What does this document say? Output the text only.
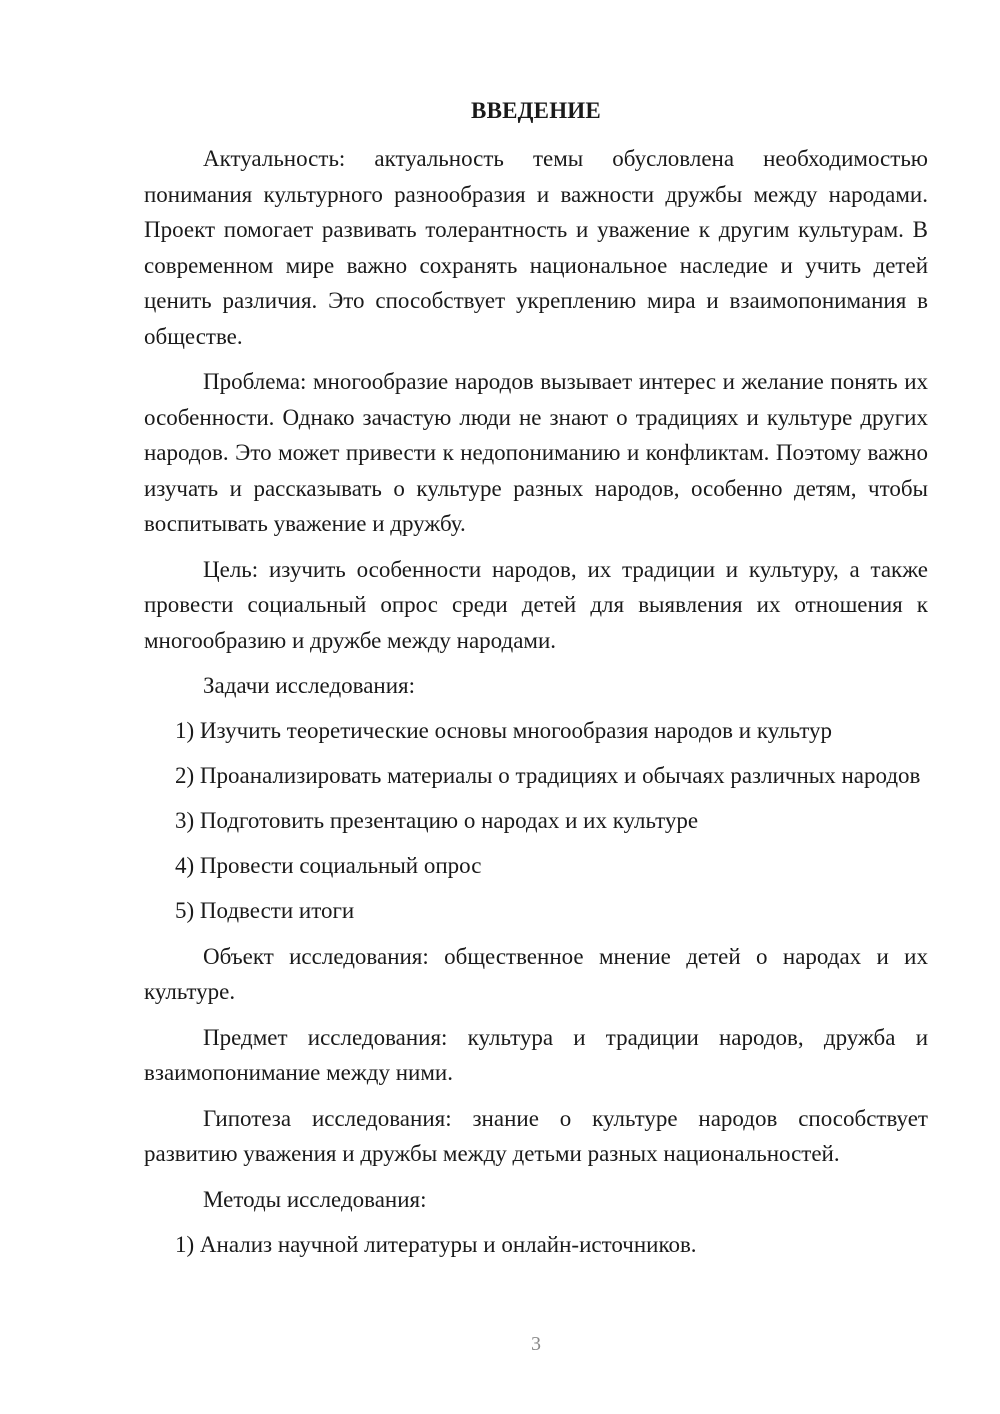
ВВЕДЕНИЕ

Актуальность: актуальность темы обусловлена необходимостью понимания культурного разнообразия и важности дружбы между народами. Проект помогает развивать толерантность и уважение к другим культурам. В современном мире важно сохранять национальное наследие и учить детей ценить различия. Это способствует укреплению мира и взаимопонимания в обществе.

Проблема: многообразие народов вызывает интерес и желание понять их особенности. Однако зачастую люди не знают о традициях и культуре других народов. Это может привести к недопониманию и конфликтам. Поэтому важно изучать и рассказывать о культуре разных народов, особенно детям, чтобы воспитывать уважение и дружбу.

Цель: изучить особенности народов, их традиции и культуру, а также провести социальный опрос среди детей для выявления их отношения к многообразию и дружбе между народами.

Задачи исследования:

1) Изучить теоретические основы многообразия народов и культур

2) Проанализировать материалы о традициях и обычаях различных народов

3) Подготовить презентацию о народах и их культуре

4) Провести социальный опрос

5) Подвести итоги

Объект исследования: общественное мнение детей о народах и их культуре.

Предмет исследования: культура и традиции народов, дружба и взаимопонимание между ними.

Гипотеза исследования: знание о культуре народов способствует развитию уважения и дружбы между детьми разных национальностей.

Методы исследования:

1) Анализ научной литературы и онлайн-источников.

3
